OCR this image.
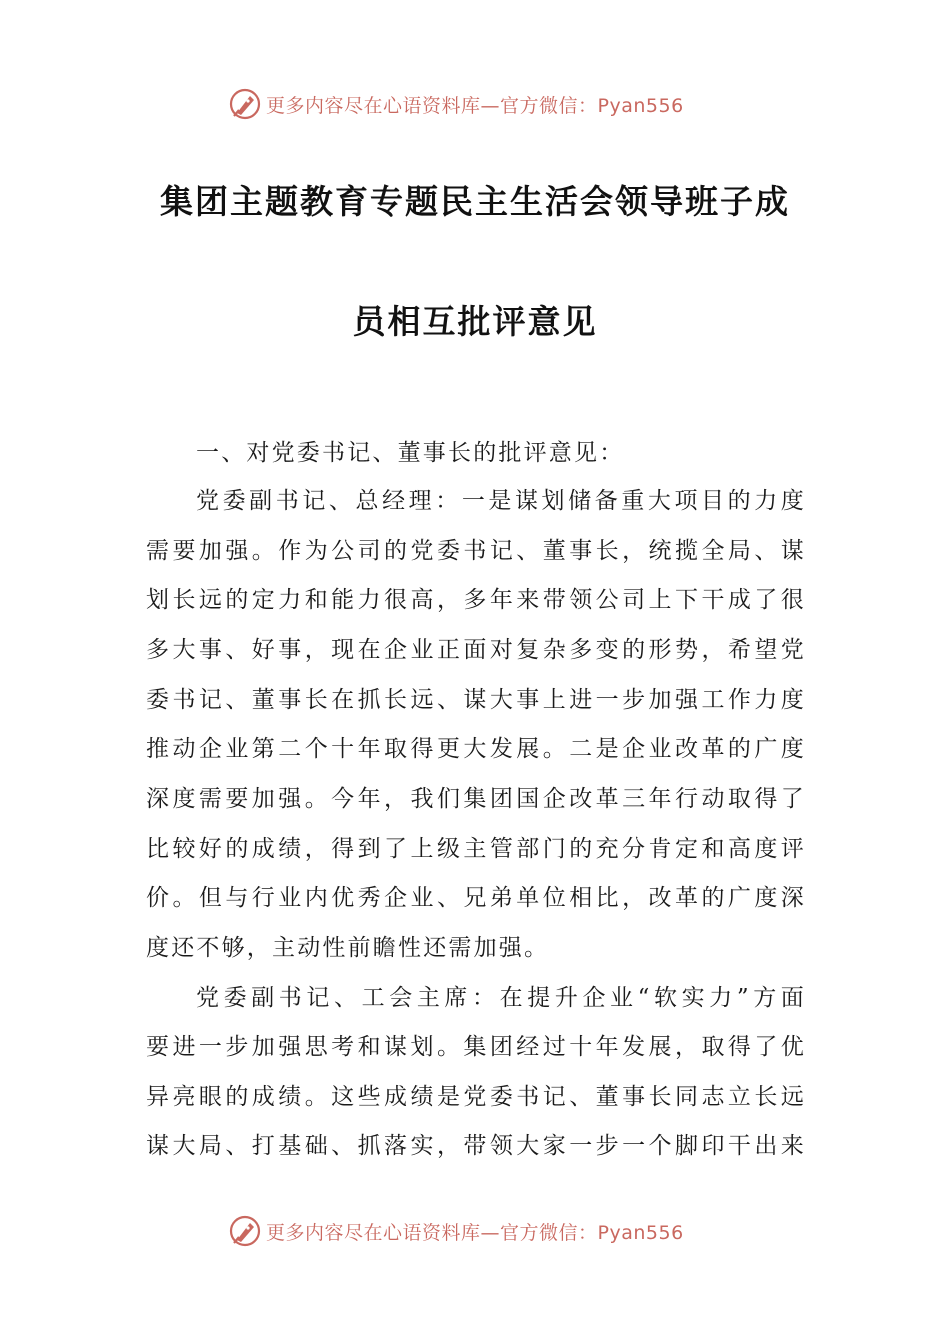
更多内容尽在心语资料库—官方微信：Pyan556
集团主题教育专题民主生活会领导班子成
员相互批评意见
一、对党委书记、董事长的批评意见：
党委副书记、总经理：一是谋划储备重大项目的力度
需要加强。作为公司的党委书记、董事长，统揽全局、谋
划长远的定力和能力很高，多年来带领公司上下干成了很
多大事、好事，现在企业正面对复杂多变的形势，希望党
委书记、董事长在抓长远、谋大事上进一步加强工作力度
推动企业第二个十年取得更大发展。二是企业改革的广度
深度需要加强。今年，我们集团国企改革三年行动取得了
比较好的成绩，得到了上级主管部门的充分肯定和高度评
价。但与行业内优秀企业、兄弟单位相比，改革的广度深
度还不够，主动性前瞻性还需加强。
党委副书记、工会主席：在提升企业“软实力”方面
要进一步加强思考和谋划。集团经过十年发展，取得了优
异亮眼的成绩。这些成绩是党委书记、董事长同志立长远
谋大局、打基础、抓落实，带领大家一步一个脚印干出来
更多内容尽在心语资料库—官方微信：Pyan556
